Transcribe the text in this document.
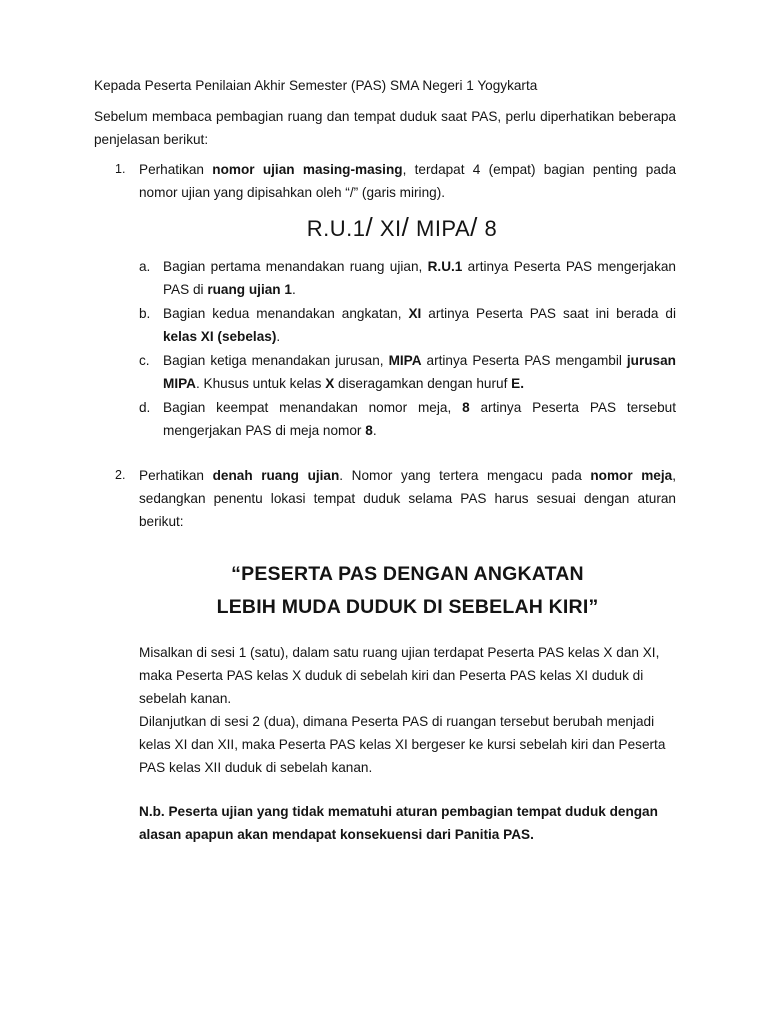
Kepada Peserta Penilaian Akhir Semester (PAS) SMA Negeri 1 Yogykarta

Sebelum membaca pembagian ruang dan tempat duduk saat PAS, perlu diperhatikan beberapa penjelasan berikut:

1. Perhatikan nomor ujian masing-masing, terdapat 4 (empat) bagian penting pada nomor ujian yang dipisahkan oleh “/” (garis miring).

R.U.1/ XI/ MIPA/ 8
a. Bagian pertama menandakan ruang ujian, R.U.1 artinya Peserta PAS mengerjakan PAS di ruang ujian 1.

b. Bagian kedua menandakan angkatan, XI artinya Peserta PAS saat ini berada di kelas XI (sebelas).

c. Bagian ketiga menandakan jurusan, MIPA artinya Peserta PAS mengambil jurusan MIPA. Khusus untuk kelas X diseragamkan dengan huruf E.

d. Bagian keempat menandakan nomor meja, 8 artinya Peserta PAS tersebut mengerjakan PAS di meja nomor 8.

2. Perhatikan denah ruang ujian. Nomor yang tertera mengacu pada nomor meja, sedangkan penentu lokasi tempat duduk selama PAS harus sesuai dengan aturan berikut:

“PESERTA PAS DENGAN ANGKATAN
LEBIH MUDA DUDUK DI SEBELAH KIRI”

Misalkan di sesi 1 (satu), dalam satu ruang ujian terdapat Peserta PAS kelas X dan XI, maka Peserta PAS kelas X duduk di sebelah kiri dan Peserta PAS kelas XI duduk di sebelah kanan.

Dilanjutkan di sesi 2 (dua), dimana Peserta PAS di ruangan tersebut berubah menjadi kelas XI dan XII, maka Peserta PAS kelas XI bergeser ke kursi sebelah kiri dan Peserta PAS kelas XII duduk di sebelah kanan.

N.b. Peserta ujian yang tidak mematuhi aturan pembagian tempat duduk dengan alasan apapun akan mendapat konsekuensi dari Panitia PAS.
